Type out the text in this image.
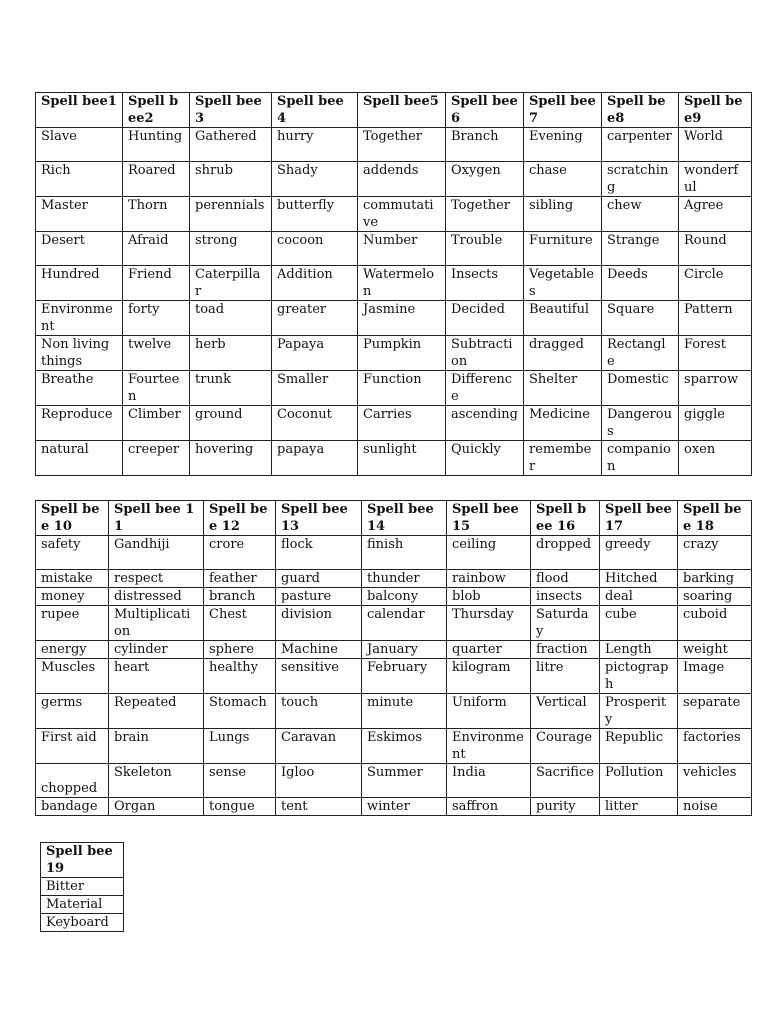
Spell bee1	Spell bee2	Spell bee3	Spell bee4	Spell bee5	Spell bee 6	Spell bee7	Spell bee8	Spell bee9
Slave	Hunting	Gathered	hurry	Together	Branch	Evening	carpenter	World
Rich	Roared	shrub	Shady	addends	Oxygen	chase	scratching	wonderful
Master	Thorn	perennials	butterfly	commutative	Together	sibling	chew	Agree
Desert	Afraid	strong	cocoon	Number	Trouble	Furniture	Strange	Round
Hundred	Friend	Caterpillar	Addition	Watermelon	Insects	Vegetables	Deeds	Circle
Environment	forty	toad	greater	Jasmine	Decided	Beautiful	Square	Pattern
Non living things	twelve	herb	Papaya	Pumpkin	Subtraction	dragged	Rectangle	Forest
Breathe	Fourteen	trunk	Smaller	Function	Difference	Shelter	Domestic	sparrow
Reproduce	Climber	ground	Coconut	Carries	ascending	Medicine	Dangerous	giggle
natural	creeper	hovering	papaya	sunlight	Quickly	remember	companion	oxen
Spell bee 10	Spell bee 11	Spell bee 12	Spell bee13	Spell bee 14	Spell bee 15	Spell bee 16	Spell bee 17	Spell bee 18
safety	Gandhiji	crore	flock	finish	ceiling	dropped	greedy	crazy
mistake	respect	feather	guard	thunder	rainbow	flood	Hitched	barking
money	distressed	branch	pasture	balcony	blob	insects	deal	soaring
rupee	Multiplication	Chest	division	calendar	Thursday	Saturday	cube	cuboid
energy	cylinder	sphere	Machine	January	quarter	fraction	Length	weight
Muscles	heart	healthy	sensitive	February	kilogram	litre	pictograph	Image
germs	Repeated	Stomach	touch	minute	Uniform	Vertical	Prosperity	separate
First aid	brain	Lungs	Caravan	Eskimos	Environment	Courage	Republic	factories
chopped	Skeleton	sense	Igloo	Summer	India	Sacrifice	Pollution	vehicles
bandage	Organ	tongue	tent	winter	saffron	purity	litter	noise
Spell bee 19
Bitter
Material
Keyboard
